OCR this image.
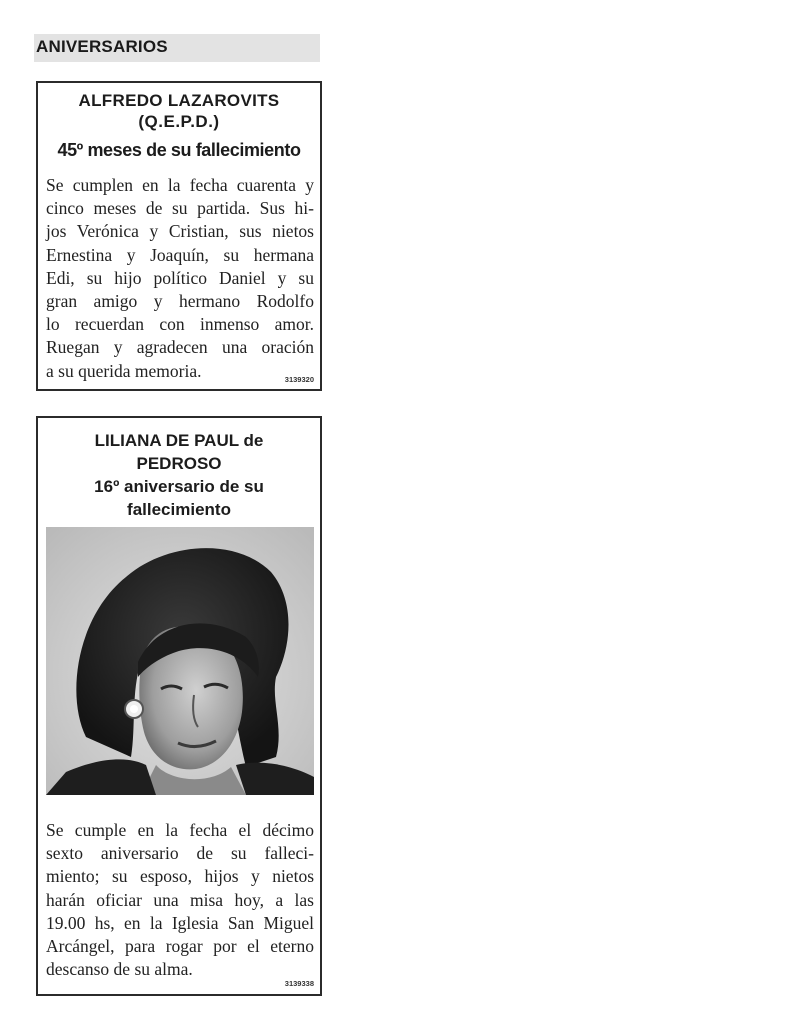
ANIVERSARIOS
ALFREDO LAZAROVITS
(Q.E.P.D.)
45º meses de su fallecimiento
Se cumplen en la fecha cuarenta y
cinco meses de su partida. Sus hi-
jos Verónica y Cristian, sus nietos
Ernestina y Joaquín, su hermana
Edi, su hijo político Daniel y su
gran amigo y hermano Rodolfo
lo recuerdan con inmenso amor.
Ruegan y agradecen una oración
a su querida memoria.	3139320
LILIANA DE PAUL de
PEDROSO
16º aniversario de su
fallecimiento
Se cumple en la fecha el décimo
sexto aniversario de su falleci-
miento; su esposo, hijos y nietos
harán oficiar una misa hoy, a las
19.00 hs, en la Iglesia San Miguel
Arcángel, para rogar por el eterno
descanso de su alma.
3139338
